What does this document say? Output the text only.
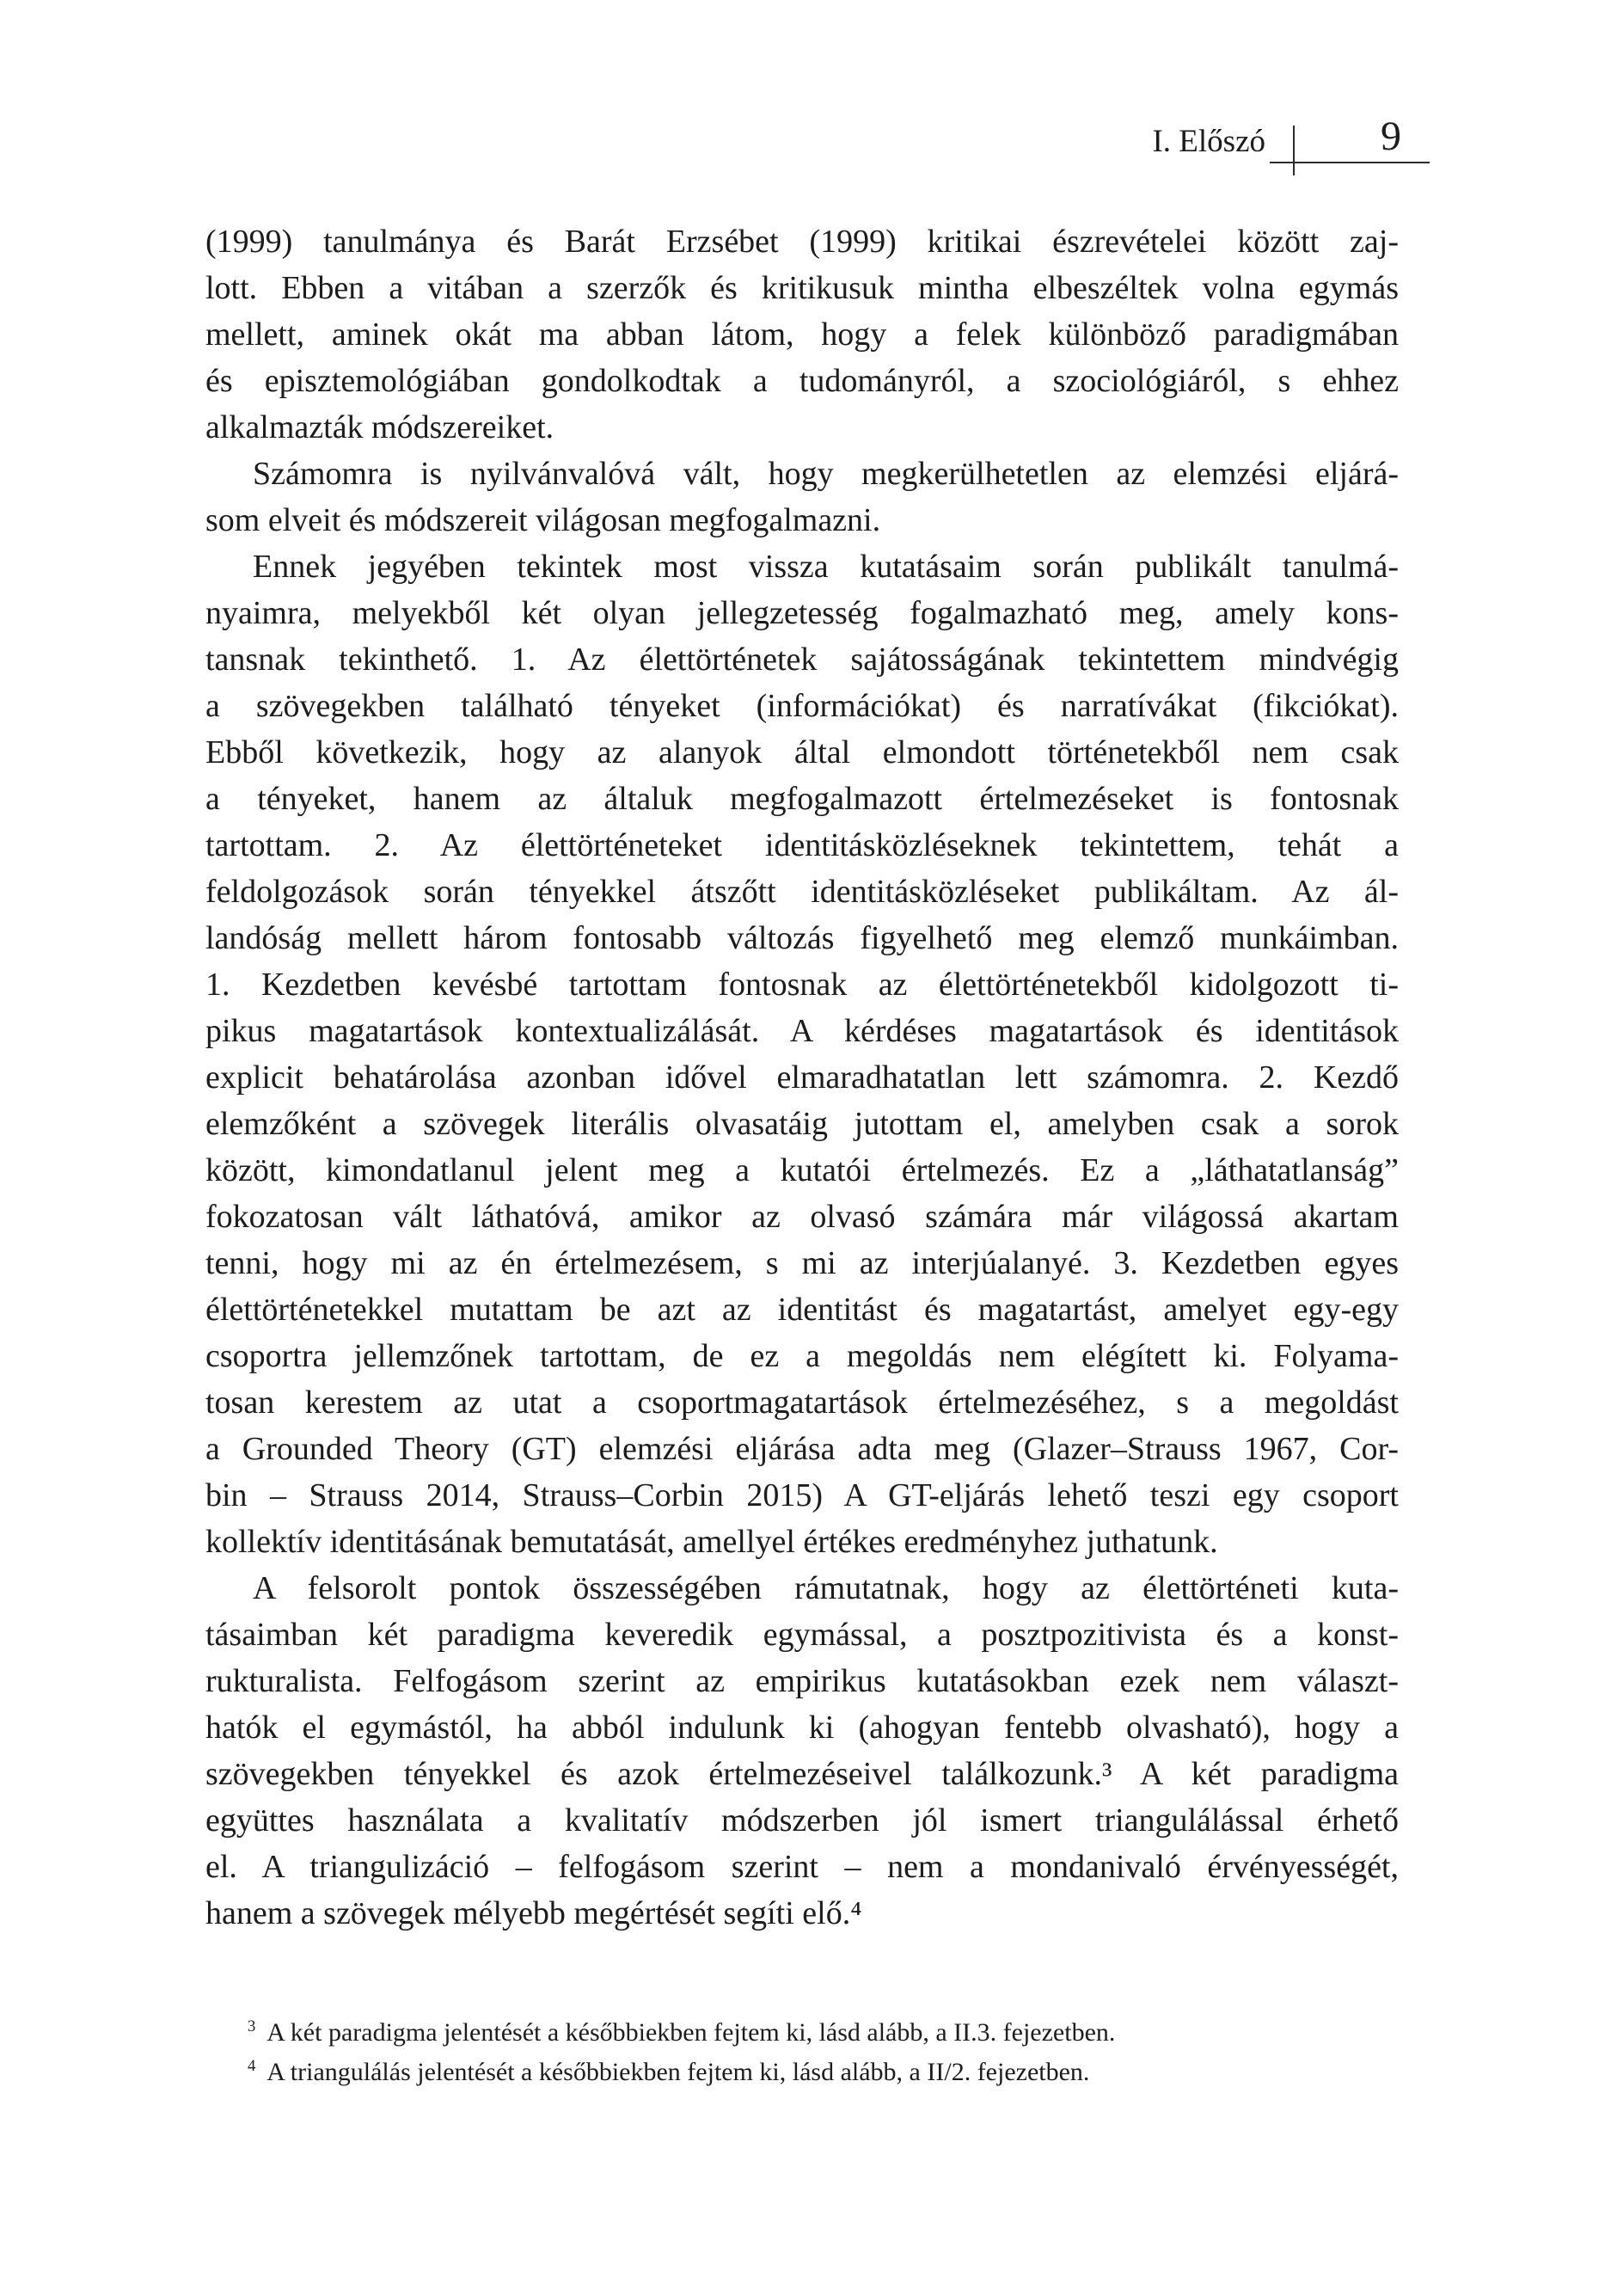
I. Előszó	9
(1999) tanulmánya és Barát Erzsébet (1999) kritikai észrevételei között zaj-
lott. Ebben a vitában a szerzők és kritikusuk mintha elbeszéltek volna egymás
mellett, aminek okát ma abban látom, hogy a felek különböző paradigmában
és episztemológiában gondolkodtak a tudományról, a szociológiáról, s ehhez
alkalmazták módszereiket.
Számomra is nyilvánvalóvá vált, hogy megkerülhetetlen az elemzési eljárá-
som elveit és módszereit világosan megfogalmazni.
Ennek jegyében tekintek most vissza kutatásaim során publikált tanulmá-
nyaimra, melyekből két olyan jellegzetesség fogalmazható meg, amely kons-
tansnak tekinthető. 1. Az élettörténetek sajátosságának tekintettem mindvégig
a szövegekben található tényeket (információkat) és narratívákat (fikciókat).
Ebből következik, hogy az alanyok által elmondott történetekből nem csak
a tényeket, hanem az általuk megfogalmazott értelmezéseket is fontosnak
tartottam. 2. Az élettörténeteket identitásközléseknek tekintettem, tehát a
feldolgozások során tényekkel átszőtt identitásközléseket publikáltam. Az ál-
landóság mellett három fontosabb változás figyelhető meg elemző munkáimban.
1. Kezdetben kevésbé tartottam fontosnak az élettörténetekből kidolgozott ti-
pikus magatartások kontextualizálását. A kérdéses magatartások és identitások
explicit behatárolása azonban idővel elmaradhatatlan lett számomra. 2. Kezdő
elemzőként a szövegek literális olvasatáig jutottam el, amelyben csak a sorok
között, kimondatlanul jelent meg a kutatói értelmezés. Ez a „láthatatlanság”
fokozatosan vált láthatóvá, amikor az olvasó számára már világossá akartam
tenni, hogy mi az én értelmezésem, s mi az interjúalanyé. 3. Kezdetben egyes
élettörténetekkel mutattam be azt az identitást és magatartást, amelyet egy-egy
csoportra jellemzőnek tartottam, de ez a megoldás nem elégített ki. Folyama-
tosan kerestem az utat a csoportmagatartások értelmezéséhez, s a megoldást
a Grounded Theory (GT) elemzési eljárása adta meg (Glazer–Strauss 1967, Cor-
bin – Strauss 2014, Strauss–Corbin 2015) A GT-eljárás lehető teszi egy csoport
kollektív identitásának bemutatását, amellyel értékes eredményhez juthatunk.
A felsorolt pontok összességében rámutatnak, hogy az élettörténeti kuta-
tásaimban két paradigma keveredik egymással, a posztpozitivista és a konst-
rukturalista. Felfogásom szerint az empirikus kutatásokban ezek nem választ-
hatók el egymástól, ha abból indulunk ki (ahogyan fentebb olvasható), hogy a
szövegekben tényekkel és azok értelmezéseivel találkozunk.³ A két paradigma
együttes használata a kvalitatív módszerben jól ismert triangulálással érhető
el. A triangulizáció – felfogásom szerint – nem a mondanivaló érvényességét,
hanem a szövegek mélyebb megértését segíti elő.⁴
$^3$ A két paradigma jelentését a későbbiekben fejtem ki, lásd alább, a II.3. fejezetben.
$^4$ A triangulálás jelentését a későbbiekben fejtem ki, lásd alább, a II/2. fejezetben.
